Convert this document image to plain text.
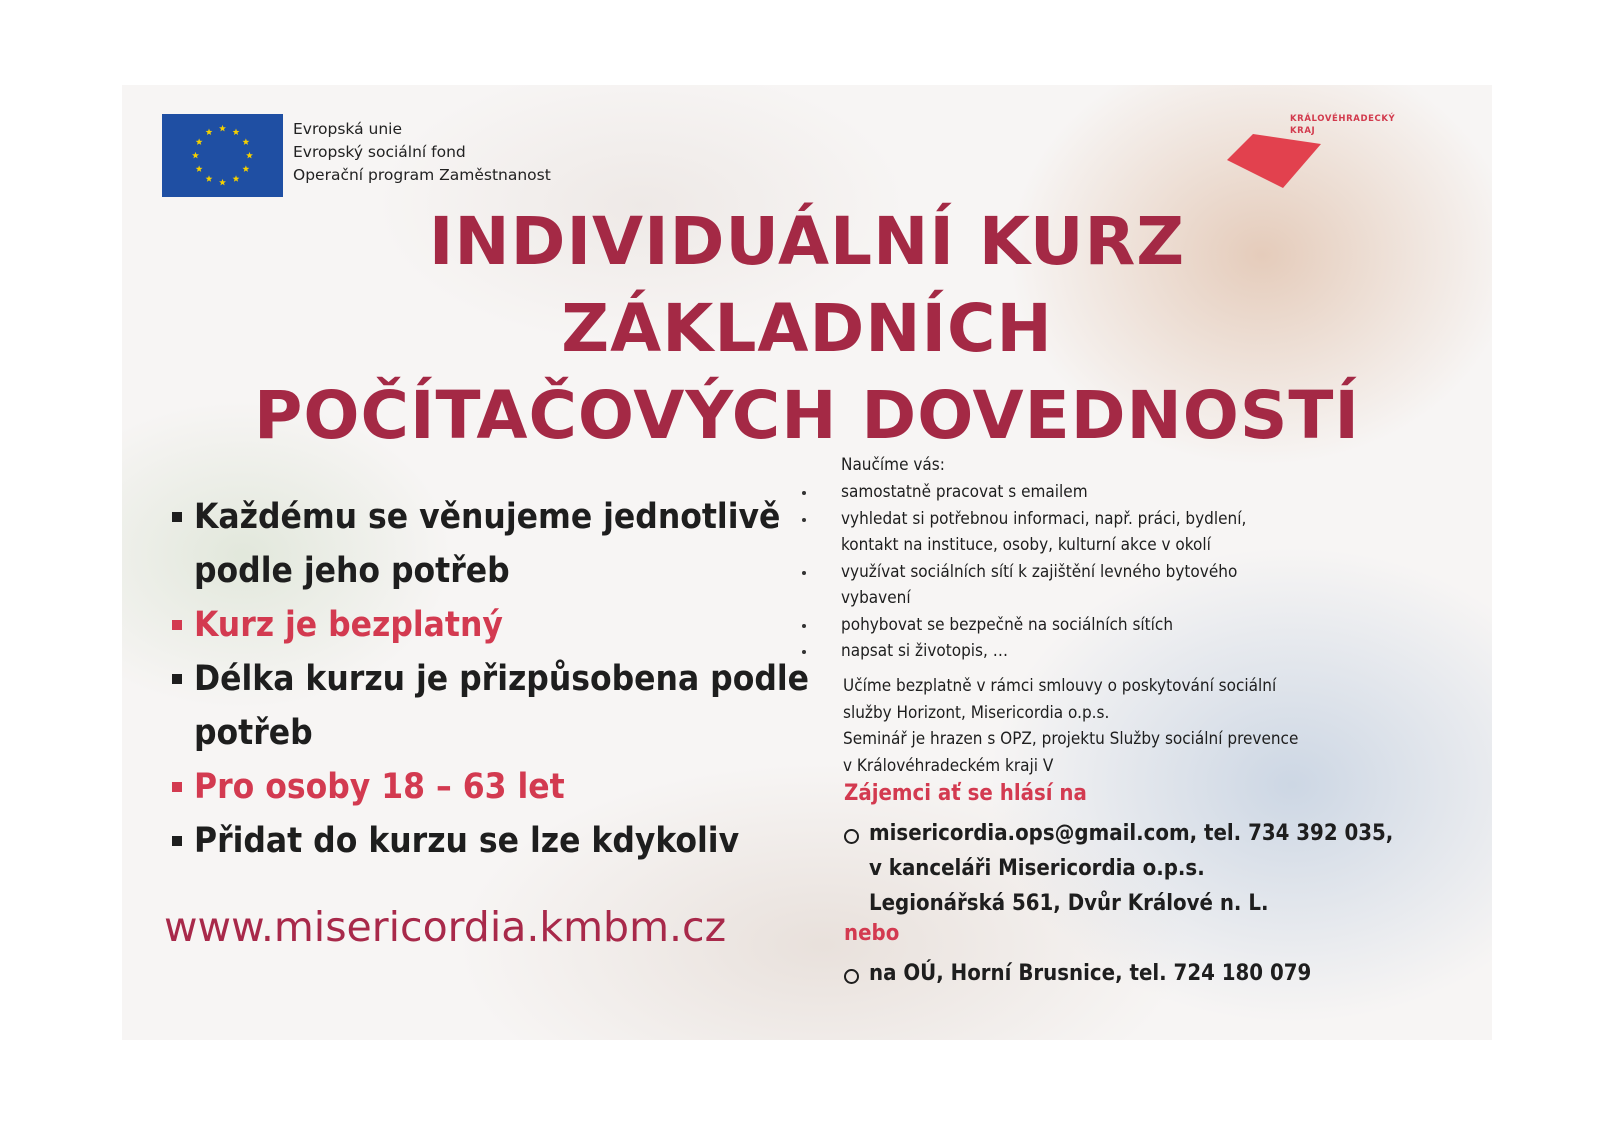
Evropská unie
Evropský sociální fond
Operační program Zaměstnanost
KRÁLOVÉHRADECKÝ
KRAJ
INDIVIDUÁLNÍ KURZ
ZÁKLADNÍCH
POČÍTAČOVÝCH DOVEDNOSTÍ
Každému se věnujeme jednotlivě podle jeho potřeb
Kurz je bezplatný
Délka kurzu je přizpůsobena podle potřeb
Pro osoby 18 – 63 let
Přidat do kurzu se lze kdykoliv
www.misericordia.kmbm.cz
Naučíme vás:
samostatně pracovat s emailem
vyhledat si potřebnou informaci, např. práci, bydlení, kontakt na instituce, osoby, kulturní akce v okolí
využívat sociálních sítí k zajištění levného bytového vybavení
pohybovat se bezpečně na sociálních sítích
napsat si životopis, …
Učíme bezplatně v rámci smlouvy o poskytování sociální
služby Horizont, Misericordia o.p.s.
Seminář je hrazen s OPZ, projektu Služby sociální prevence
v Královéhradeckém kraji V
Zájemci ať se hlásí na
misericordia.ops@gmail.com, tel. 734 392 035,
v kanceláři Misericordia o.p.s.
Legionářská 561, Dvůr Králové n. L.
nebo
na OÚ, Horní Brusnice, tel. 724 180 079
